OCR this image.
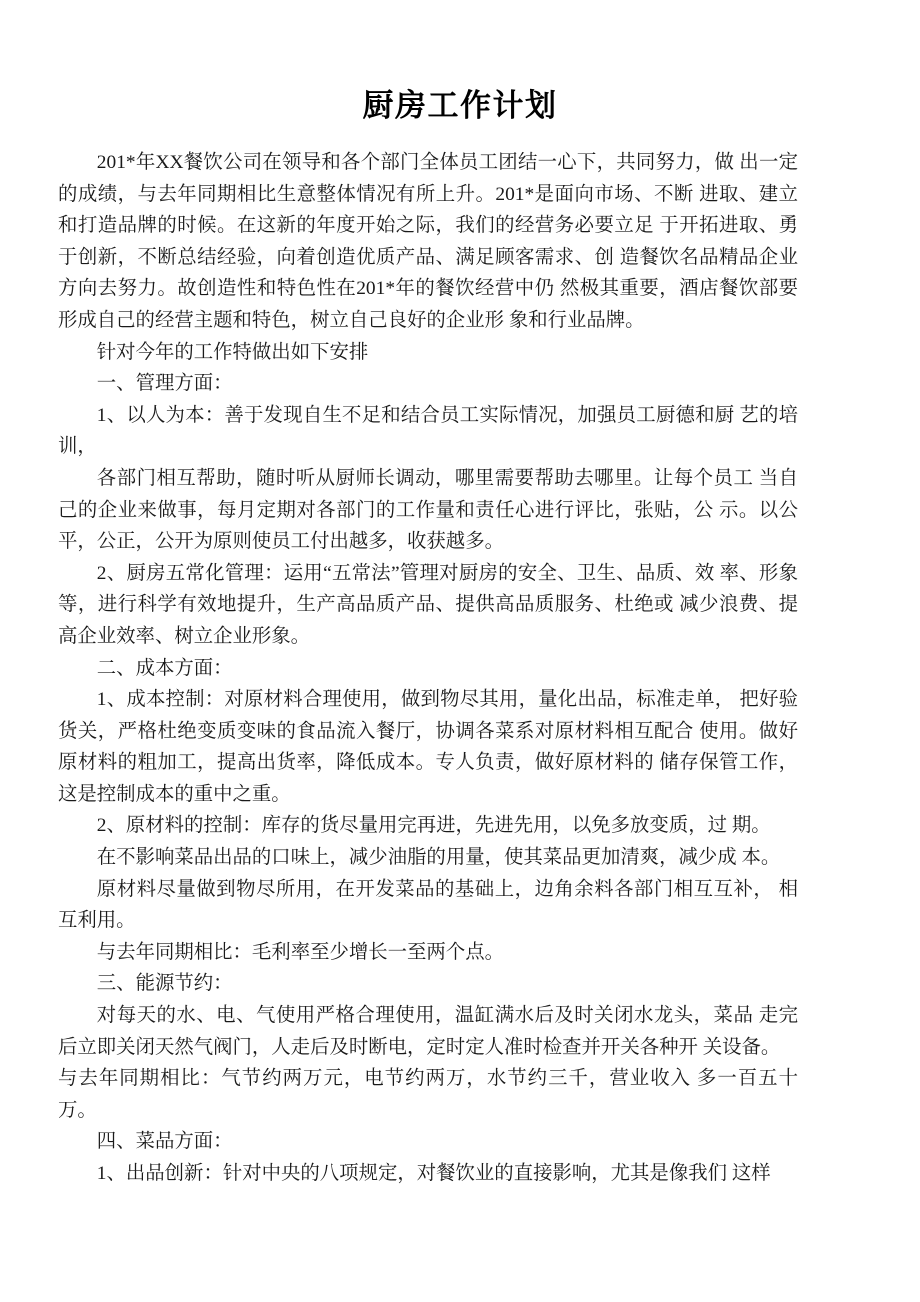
厨房工作计划

201*年XX餐饮公司在领导和各个部门全体员工团结一心下，共同努力，做 出一定的成绩，与去年同期相比生意整体情况有所上升。201*是面向市场、不断 进取、建立和打造品牌的时候。在这新的年度开始之际，我们的经营务必要立足 于开拓进取、勇于创新，不断总结经验，向着创造优质产品、满足顾客需求、创 造餐饮名品精品企业方向去努力。故创造性和特色性在201*年的餐饮经营中仍 然极其重要，酒店餐饮部要形成自己的经营主题和特色，树立自己良好的企业形 象和行业品牌。

针对今年的工作特做出如下安排

一、管理方面：

1、以人为本：善于发现自生不足和结合员工实际情况，加强员工厨德和厨 艺的培训，

各部门相互帮助，随时听从厨师长调动，哪里需要帮助去哪里。让每个员工 当自己的企业来做事，每月定期对各部门的工作量和责任心进行评比，张贴，公 示。以公平，公正，公开为原则使员工付出越多，收获越多。

2、厨房五常化管理：运用“五常法”管理对厨房的安全、卫生、品质、效 率、形象等，进行科学有效地提升，生产高品质产品、提供高品质服务、杜绝或 减少浪费、提高企业效率、树立企业形象。

二、成本方面：

1、成本控制：对原材料合理使用，做到物尽其用，量化出品，标准走单， 把好验货关，严格杜绝变质变味的食品流入餐厅，协调各菜系对原材料相互配合 使用。做好原材料的粗加工，提高出货率，降低成本。专人负责，做好原材料的 储存保管工作，这是控制成本的重中之重。

2、原材料的控制：库存的货尽量用完再进，先进先用，以免多放变质，过 期。

在不影响菜品出品的口味上，减少油脂的用量，使其菜品更加清爽，减少成 本。

原材料尽量做到物尽所用，在开发菜品的基础上，边角余料各部门相互互补， 相互利用。

与去年同期相比：毛利率至少增长一至两个点。

三、能源节约：

对每天的水、电、气使用严格合理使用，温缸满水后及时关闭水龙头，菜品 走完后立即关闭天然气阀门，人走后及时断电，定时定人准时检查并开关各种开 关设备。

与去年同期相比：气节约两万元，电节约两万，水节约三千，营业收入 多一百五十万。

四、菜品方面：

1、出品创新：针对中央的八项规定，对餐饮业的直接影响，尤其是像我们 这样
